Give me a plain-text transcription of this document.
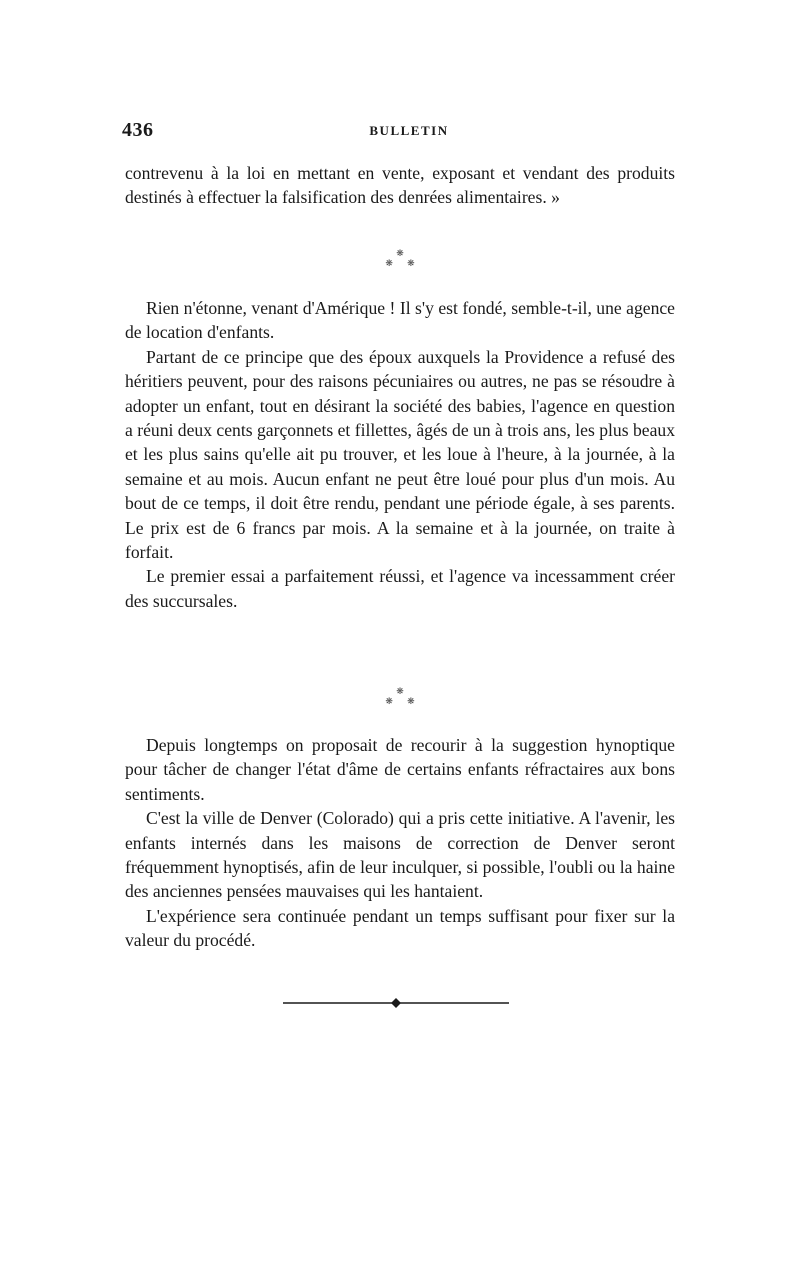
436	BULLETIN

contrevenu à la loi en mettant en vente, exposant et vendant des produits destinés à effectuer la falsification des denrées alimentaires. »

❋
❋ ❋

Rien n'étonne, venant d'Amérique ! Il s'y est fondé, semble-t-il, une agence de location d'enfants.

Partant de ce principe que des époux auxquels la Providence a refusé des héritiers peuvent, pour des raisons pécuniaires ou autres, ne pas se résoudre à adopter un enfant, tout en désirant la société des babies, l'agence en question a réuni deux cents garçonnets et fillettes, âgés de un à trois ans, les plus beaux et les plus sains qu'elle ait pu trouver, et les loue à l'heure, à la journée, à la semaine et au mois. Aucun enfant ne peut être loué pour plus d'un mois. Au bout de ce temps, il doit être rendu, pendant une période égale, à ses parents. Le prix est de 6 francs par mois. A la semaine et à la journée, on traite à forfait.

Le premier essai a parfaitement réussi, et l'agence va incessamment créer des succursales.

❋
❋ ❋

Depuis longtemps on proposait de recourir à la suggestion hynoptique pour tâcher de changer l'état d'âme de certains enfants réfractaires aux bons sentiments.

C'est la ville de Denver (Colorado) qui a pris cette initiative. A l'avenir, les enfants internés dans les maisons de correction de Denver seront fréquemment hynoptisés, afin de leur inculquer, si possible, l'oubli ou la haine des anciennes pensées mauvaises qui les hantaient.

L'expérience sera continuée pendant un temps suffisant pour fixer sur la valeur du procédé.
